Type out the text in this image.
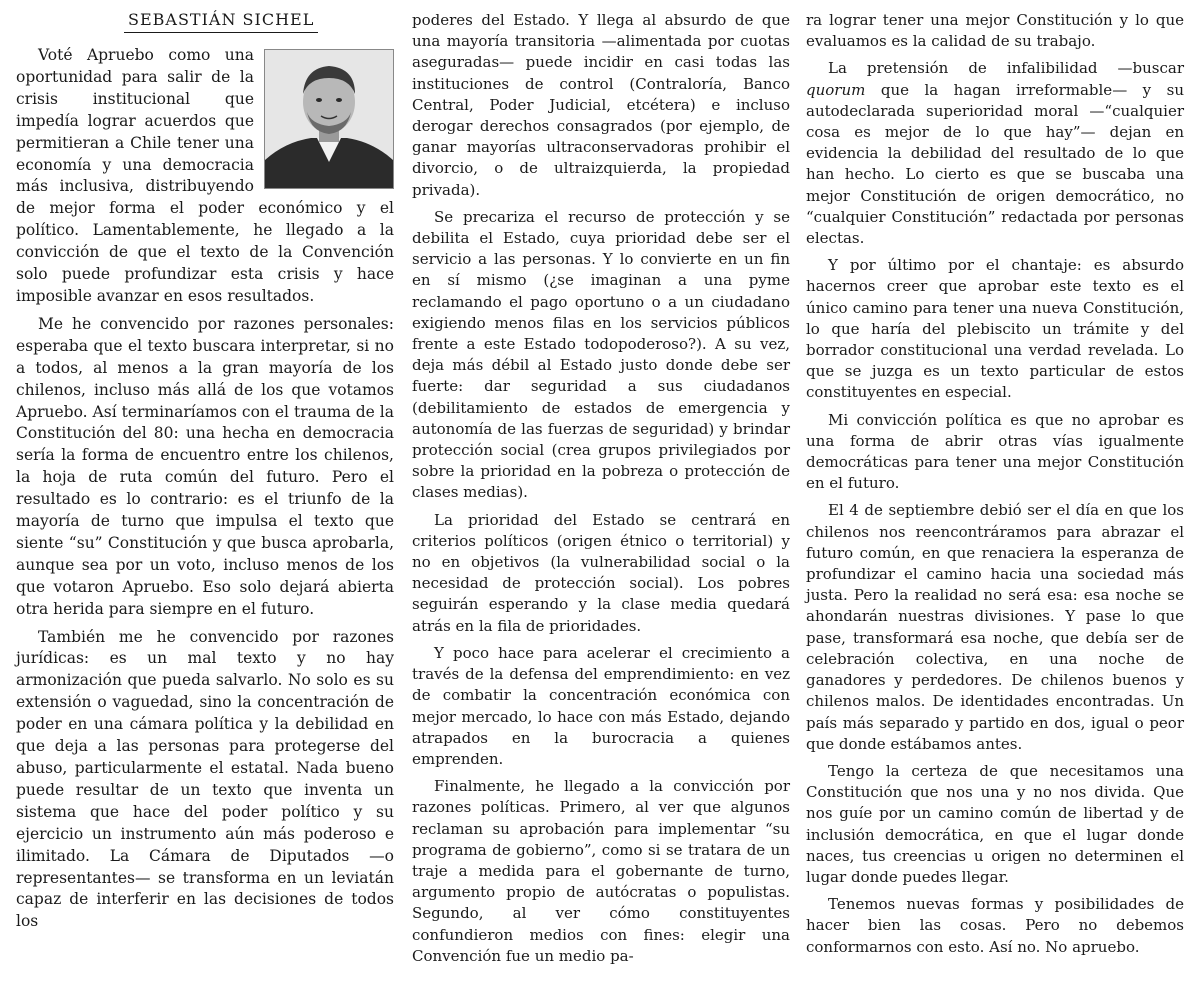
SEBASTIÁN SICHEL

Voté Apruebo como una oportunidad para salir de la crisis institucional que impedía lograr acuerdos que permitieran a Chile tener una economía y una democracia más inclusiva, distribuyendo de mejor forma el poder económico y el político. Lamentablemente, he llegado a la convicción de que el texto de la Convención solo puede profundizar esta crisis y hace imposible avanzar en esos resultados.

Me he convencido por razones personales: esperaba que el texto buscara interpretar, si no a todos, al menos a la gran mayoría de los chilenos, incluso más allá de los que votamos Apruebo. Así terminaríamos con el trauma de la Constitución del 80: una hecha en democracia sería la forma de encuentro entre los chilenos, la hoja de ruta común del futuro. Pero el resultado es lo contrario: es el triunfo de la mayoría de turno que impulsa el texto que siente “su” Constitución y que busca aprobarla, aunque sea por un voto, incluso menos de los que votaron Apruebo. Eso solo dejará abierta otra herida para siempre en el futuro.

También me he convencido por razones jurídicas: es un mal texto y no hay armonización que pueda salvarlo. No solo es su extensión o vaguedad, sino la concentración de poder en una cámara política y la debilidad en que deja a las personas para protegerse del abuso, particularmente el estatal. Nada bueno puede resultar de un texto que inventa un sistema que hace del poder político y su ejercicio un instrumento aún más poderoso e ilimitado. La Cámara de Diputados —o representantes— se transforma en un leviatán capaz de interferir en las decisiones de todos los

poderes del Estado. Y llega al absurdo de que una mayoría transitoria —alimentada por cuotas aseguradas— puede incidir en casi todas las instituciones de control (Contraloría, Banco Central, Poder Judicial, etcétera) e incluso derogar derechos consagrados (por ejemplo, de ganar mayorías ultraconservadoras prohibir el divorcio, o de ultraizquierda, la propiedad privada).

Se precariza el recurso de protección y se debilita el Estado, cuya prioridad debe ser el servicio a las personas. Y lo convierte en un fin en sí mismo (¿se imaginan a una pyme reclamando el pago oportuno o a un ciudadano exigiendo menos filas en los servicios públicos frente a este Estado todopoderoso?). A su vez, deja más débil al Estado justo donde debe ser fuerte: dar seguridad a sus ciudadanos (debilitamiento de estados de emergencia y autonomía de las fuerzas de seguridad) y brindar protección social (crea grupos privilegiados por sobre la prioridad en la pobreza o protección de clases medias).

La prioridad del Estado se centrará en criterios políticos (origen étnico o territorial) y no en objetivos (la vulnerabilidad social o la necesidad de protección social). Los pobres seguirán esperando y la clase media quedará atrás en la fila de prioridades.

Y poco hace para acelerar el crecimiento a través de la defensa del emprendimiento: en vez de combatir la concentración económica con mejor mercado, lo hace con más Estado, dejando atrapados en la burocracia a quienes emprenden.

Finalmente, he llegado a la convicción por razones políticas. Primero, al ver que algunos reclaman su aprobación para implementar “su programa de gobierno”, como si se tratara de un traje a medida para el gobernante de turno, argumento propio de autócratas o populistas. Segundo, al ver cómo constituyentes confundieron medios con fines: elegir una Convención fue un medio pa-

ra lograr tener una mejor Constitución y lo que evaluamos es la calidad de su trabajo.

La pretensión de infalibilidad —buscar quorum que la hagan irreformable— y su autodeclarada superioridad moral —“cualquier cosa es mejor de lo que hay”— dejan en evidencia la debilidad del resultado de lo que han hecho. Lo cierto es que se buscaba una mejor Constitución de origen democrático, no “cualquier Constitución” redactada por personas electas.

Y por último por el chantaje: es absurdo hacernos creer que aprobar este texto es el único camino para tener una nueva Constitución, lo que haría del plebiscito un trámite y del borrador constitucional una verdad revelada. Lo que se juzga es un texto particular de estos constituyentes en especial.

Mi convicción política es que no aprobar es una forma de abrir otras vías igualmente democráticas para tener una mejor Constitución en el futuro.

El 4 de septiembre debió ser el día en que los chilenos nos reencontráramos para abrazar el futuro común, en que renaciera la esperanza de profundizar el camino hacia una sociedad más justa. Pero la realidad no será esa: esa noche se ahondarán nuestras divisiones. Y pase lo que pase, transformará esa noche, que debía ser de celebración colectiva, en una noche de ganadores y perdedores. De chilenos buenos y chilenos malos. De identidades encontradas. Un país más separado y partido en dos, igual o peor que donde estábamos antes.

Tengo la certeza de que necesitamos una Constitución que nos una y no nos divida. Que nos guíe por un camino común de libertad y de inclusión democrática, en que el lugar donde naces, tus creencias u origen no determinen el lugar donde puedes llegar.

Tenemos nuevas formas y posibilidades de hacer bien las cosas. Pero no debemos conformarnos con esto. Así no. No apruebo.
